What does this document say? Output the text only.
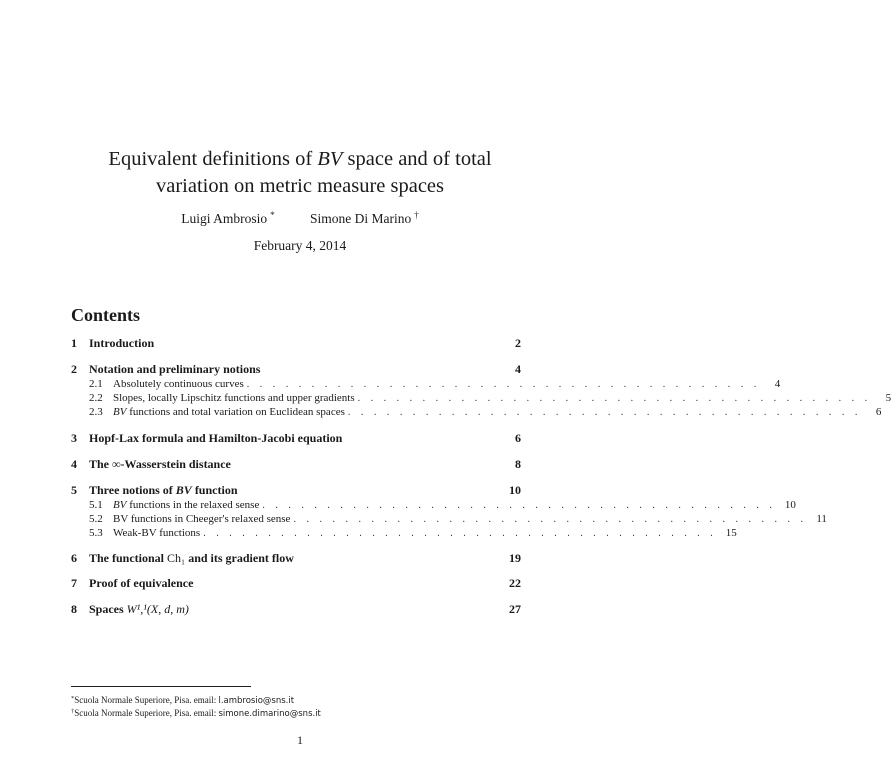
Equivalent definitions of BV space and of total
variation on metric measure spaces
Luigi Ambrosio *	Simone Di Marino †
February 4, 2014
Contents
1	Introduction	2
2	Notation and preliminary notions	4
2.1 Absolutely continuous curves . . . . . . . . . . . . . . . . . . . . . . . . . . . . . . . . . . . . . . . .	4
2.2 Slopes, locally Lipschitz functions and upper gradients . . . . . . . . . . . . . . . . . . . . . . . . . . . . . . . . . . . . . . . .	5
2.3 BV functions and total variation on Euclidean spaces . . . . . . . . . . . . . . . . . . . . . . . . . . . . . . . . . . . . . . . .	6
3	Hopf-Lax formula and Hamilton-Jacobi equation	6
4	The ∞-Wasserstein distance	8
5	Three notions of BV function	10
5.1 BV functions in the relaxed sense . . . . . . . . . . . . . . . . . . . . . . . . . . . . . . . . . . . . . . . . 10
5.2 BV functions in Cheeger's relaxed sense . . . . . . . . . . . . . . . . . . . . . . . . . . . . . . . . . . . . . . . . 11
5.3 Weak-BV functions . . . . . . . . . . . . . . . . . . . . . . . . . . . . . . . . . . . . . . . . 15
6	The functional Ch₁ and its gradient flow	19
7	Proof of equivalence	22
8	Spaces W¹,¹(X, d, m)	27
*Scuola Normale Superiore, Pisa. email: l.ambrosio@sns.it
†Scuola Normale Superiore, Pisa. email: simone.dimarino@sns.it
1
